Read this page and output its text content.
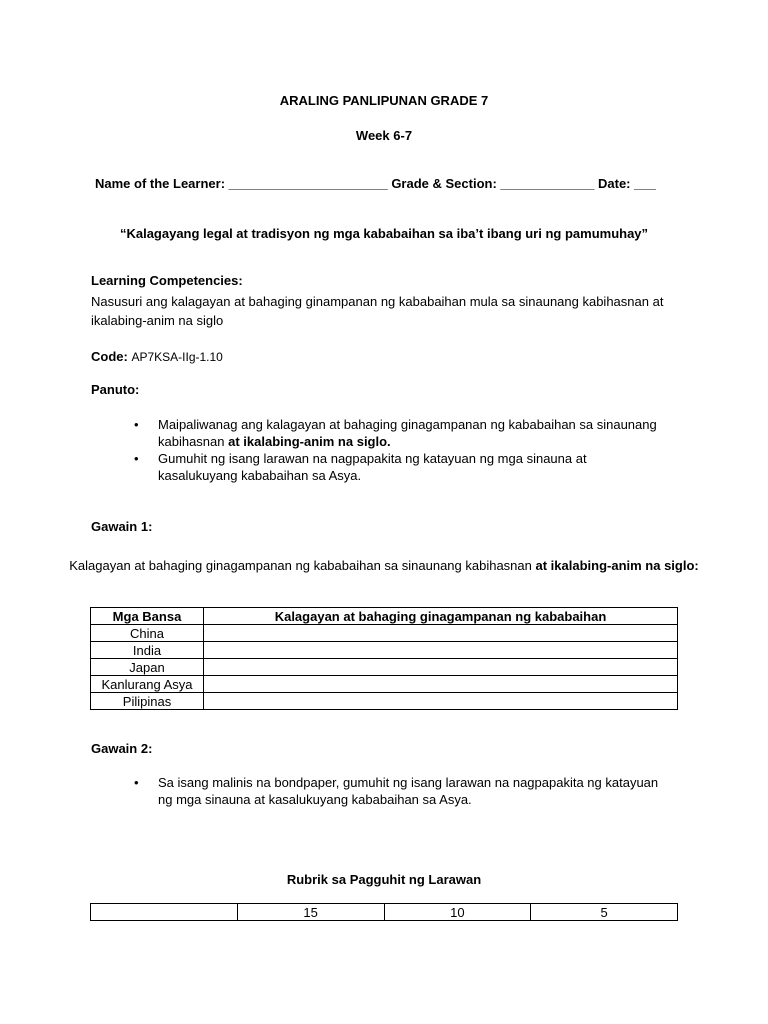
ARALING PANLIPUNAN GRADE 7
Week 6-7
Name of the Learner: ______________________ Grade & Section: _____________ Date: ___
“Kalagayang legal at tradisyon ng mga kababaihan sa iba’t ibang uri ng pamumuhay”
Learning Competencies:
Nasusuri ang kalagayan at bahaging ginampanan ng kababaihan mula sa sinaunang kabihasnan at ikalabing-anim na siglo
Code: AP7KSA-IIg-1.10
Panuto:
• Maipaliwanag ang kalagayan at bahaging ginagampanan ng kababaihan sa sinaunang kabihasnan at ikalabing-anim na siglo.
• Gumuhit ng isang larawan na nagpapakita ng katayuan ng mga sinauna at kasalukuyang kababaihan sa Asya.
Gawain 1:
Kalagayan at bahaging ginagampanan ng kababaihan sa sinaunang kabihasnan at ikalabing-anim na siglo:
Mga Bansa	Kalagayan at bahaging ginagampanan ng kababaihan
China	
India	
Japan	
Kanlurang Asya	
Pilipinas	
Gawain 2:
• Sa isang malinis na bondpaper, gumuhit ng isang larawan na nagpapakita ng katayuan ng mga sinauna at kasalukuyang kababaihan sa Asya.
Rubrik sa Pagguhit ng Larawan
	15	10	5
